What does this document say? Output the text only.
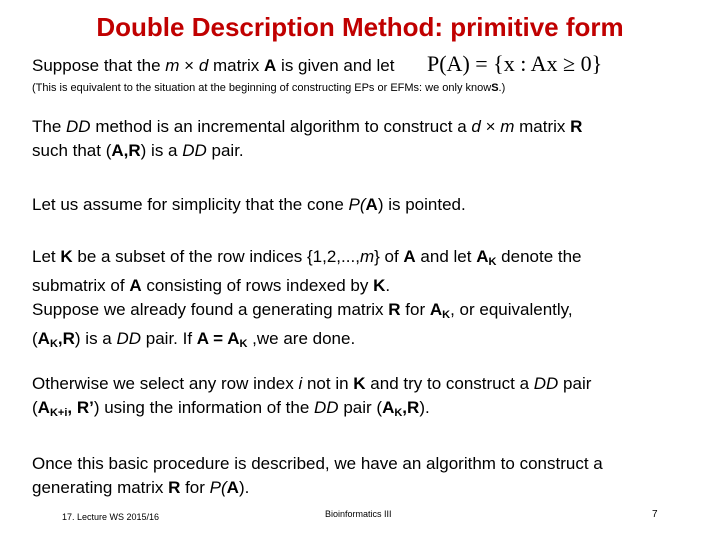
Double Description Method: primitive form
Suppose that the m × d matrix A is given and let P(A) = {x : Ax ≥ 0}
(This is equivalent to the situation at the beginning of constructing EPs or EFMs: we only knowS.)
The DD method is an incremental algorithm to construct a d × m matrix R
such that (A,R) is a DD pair.
Let us assume for simplicity that the cone P(A) is pointed.
Let K be a subset of the row indices {1,2,...,m} of A and let $A_K$ denote the
submatrix of A consisting of rows indexed by K.
Suppose we already found a generating matrix R for $A_K$, or equivalently,
$(A_K,R)$ is a DD pair. If $A = A_K$ ,we are done.
Otherwise we select any row index i not in K and try to construct a DD pair
($A_{K+i}$, R’) using the information of the DD pair $(A_K,R)$.
Once this basic procedure is described, we have an algorithm to construct a
generating matrix R for P(A).
17. Lecture WS 2015/16	Bioinformatics III	7
